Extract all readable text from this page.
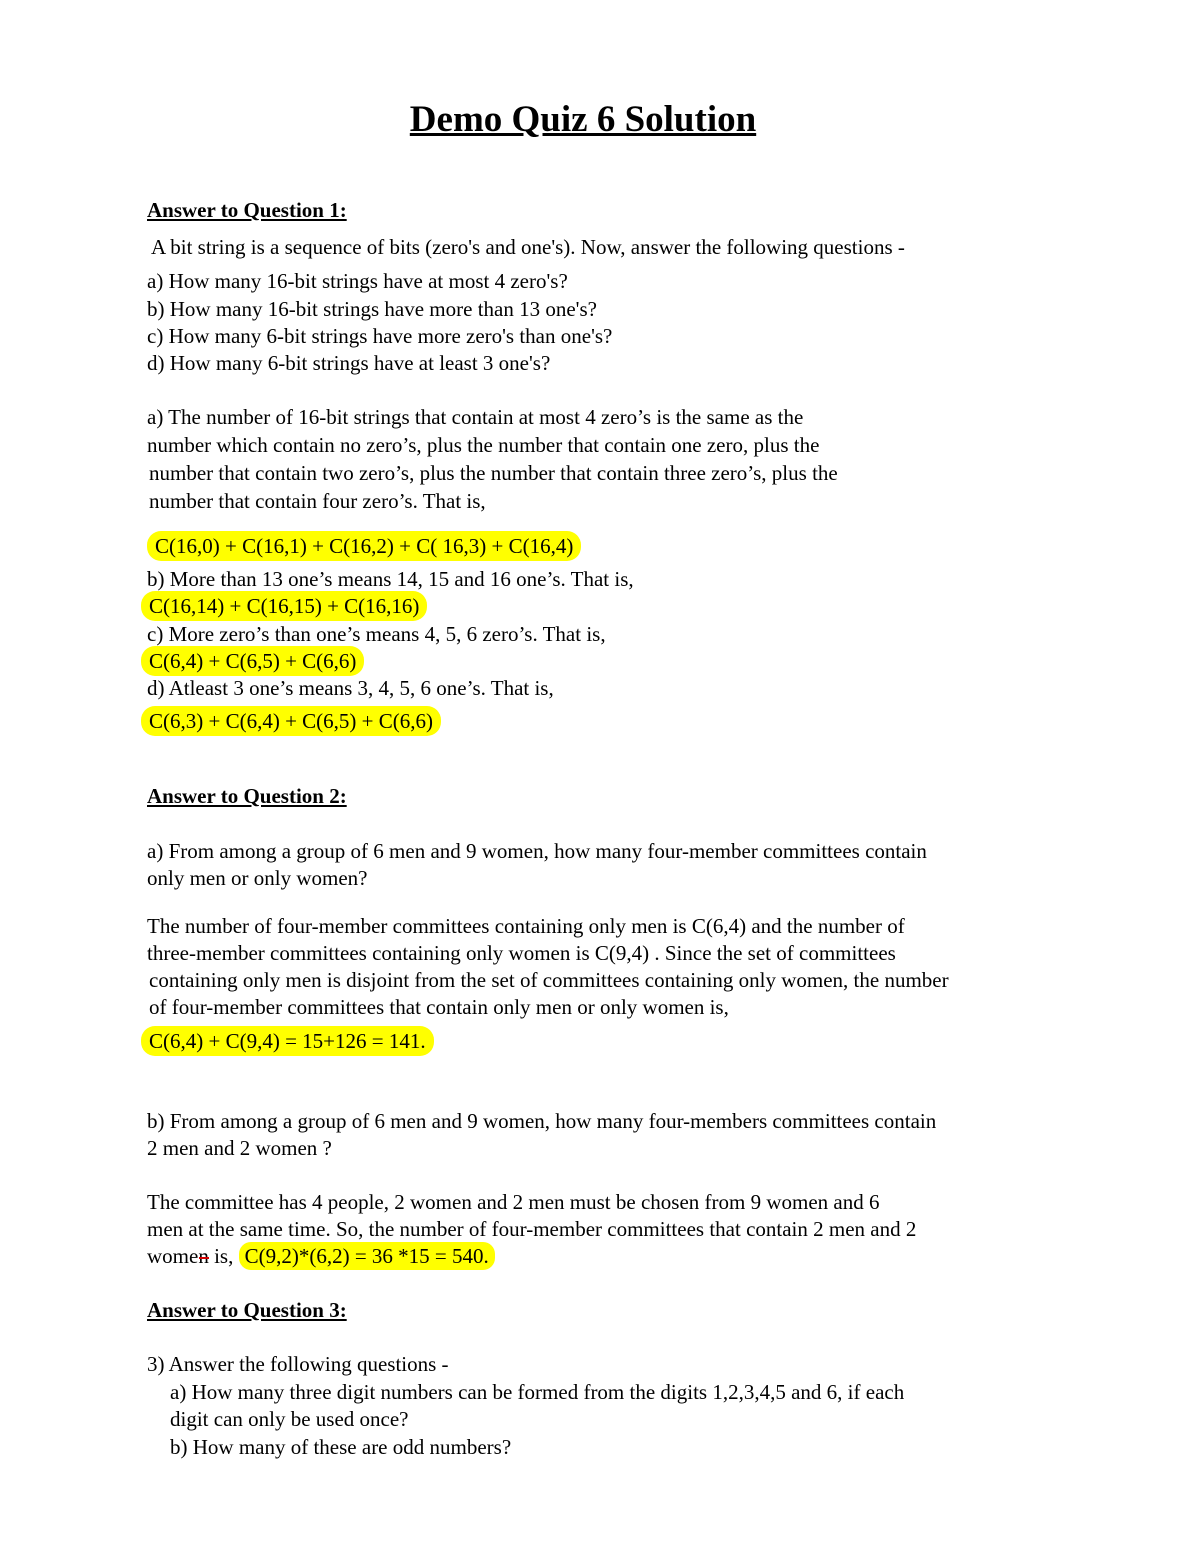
Demo Quiz 6 Solution
Answer to Question 1:

A bit string is a sequence of bits (zero's and one's). Now, answer the following questions -

a) How many 16-bit strings have at most 4 zero's?

b) How many 16-bit strings have more than 13 one's?

c) How many 6-bit strings have more zero's than one's?

d) How many 6-bit strings have at least 3 one's?

a) The number of 16-bit strings that contain at most 4 zero’s is the same as the

number which contain no zero’s, plus the number that contain one zero, plus the

number that contain two zero’s, plus the number that contain three zero’s, plus the

number that contain four zero’s. That is,

C(16,0) + C(16,1) + C(16,2) + C( 16,3) + C(16,4)

b) More than 13 one’s means 14, 15 and 16 one’s. That is,

C(16,14) + C(16,15) + C(16,16)

c) More zero’s than one’s means 4, 5, 6 zero’s. That is,

C(6,4) + C(6,5) + C(6,6)

d) Atleast 3 one’s means 3, 4, 5, 6 one’s. That is,

C(6,3) + C(6,4) + C(6,5) + C(6,6)

Answer to Question 2:

a) From among a group of 6 men and 9 women, how many four-member committees contain

only men or only women?

The number of four-member committees containing only men is C(6,4) and the number of

three-member committees containing only women is C(9,4) . Since the set of committees

containing only men is disjoint from the set of committees containing only women, the number

of four-member committees that contain only men or only women is,

C(6,4) + C(9,4) = 15+126 = 141.

b) From among a group of 6 men and 9 women, how many four-members committees contain

2 men and 2 women ?

The committee has 4 people, 2 women and 2 men must be chosen from 9 women and 6

men at the same time. So, the number of four-member committees that contain 2 men and 2

women is, C(9,2)*(6,2) = 36 *15 = 540.

Answer to Question 3:

3) Answer the following questions -

a) How many three digit numbers can be formed from the digits 1,2,3,4,5 and 6, if each

digit can only be used once?

b) How many of these are odd numbers?
